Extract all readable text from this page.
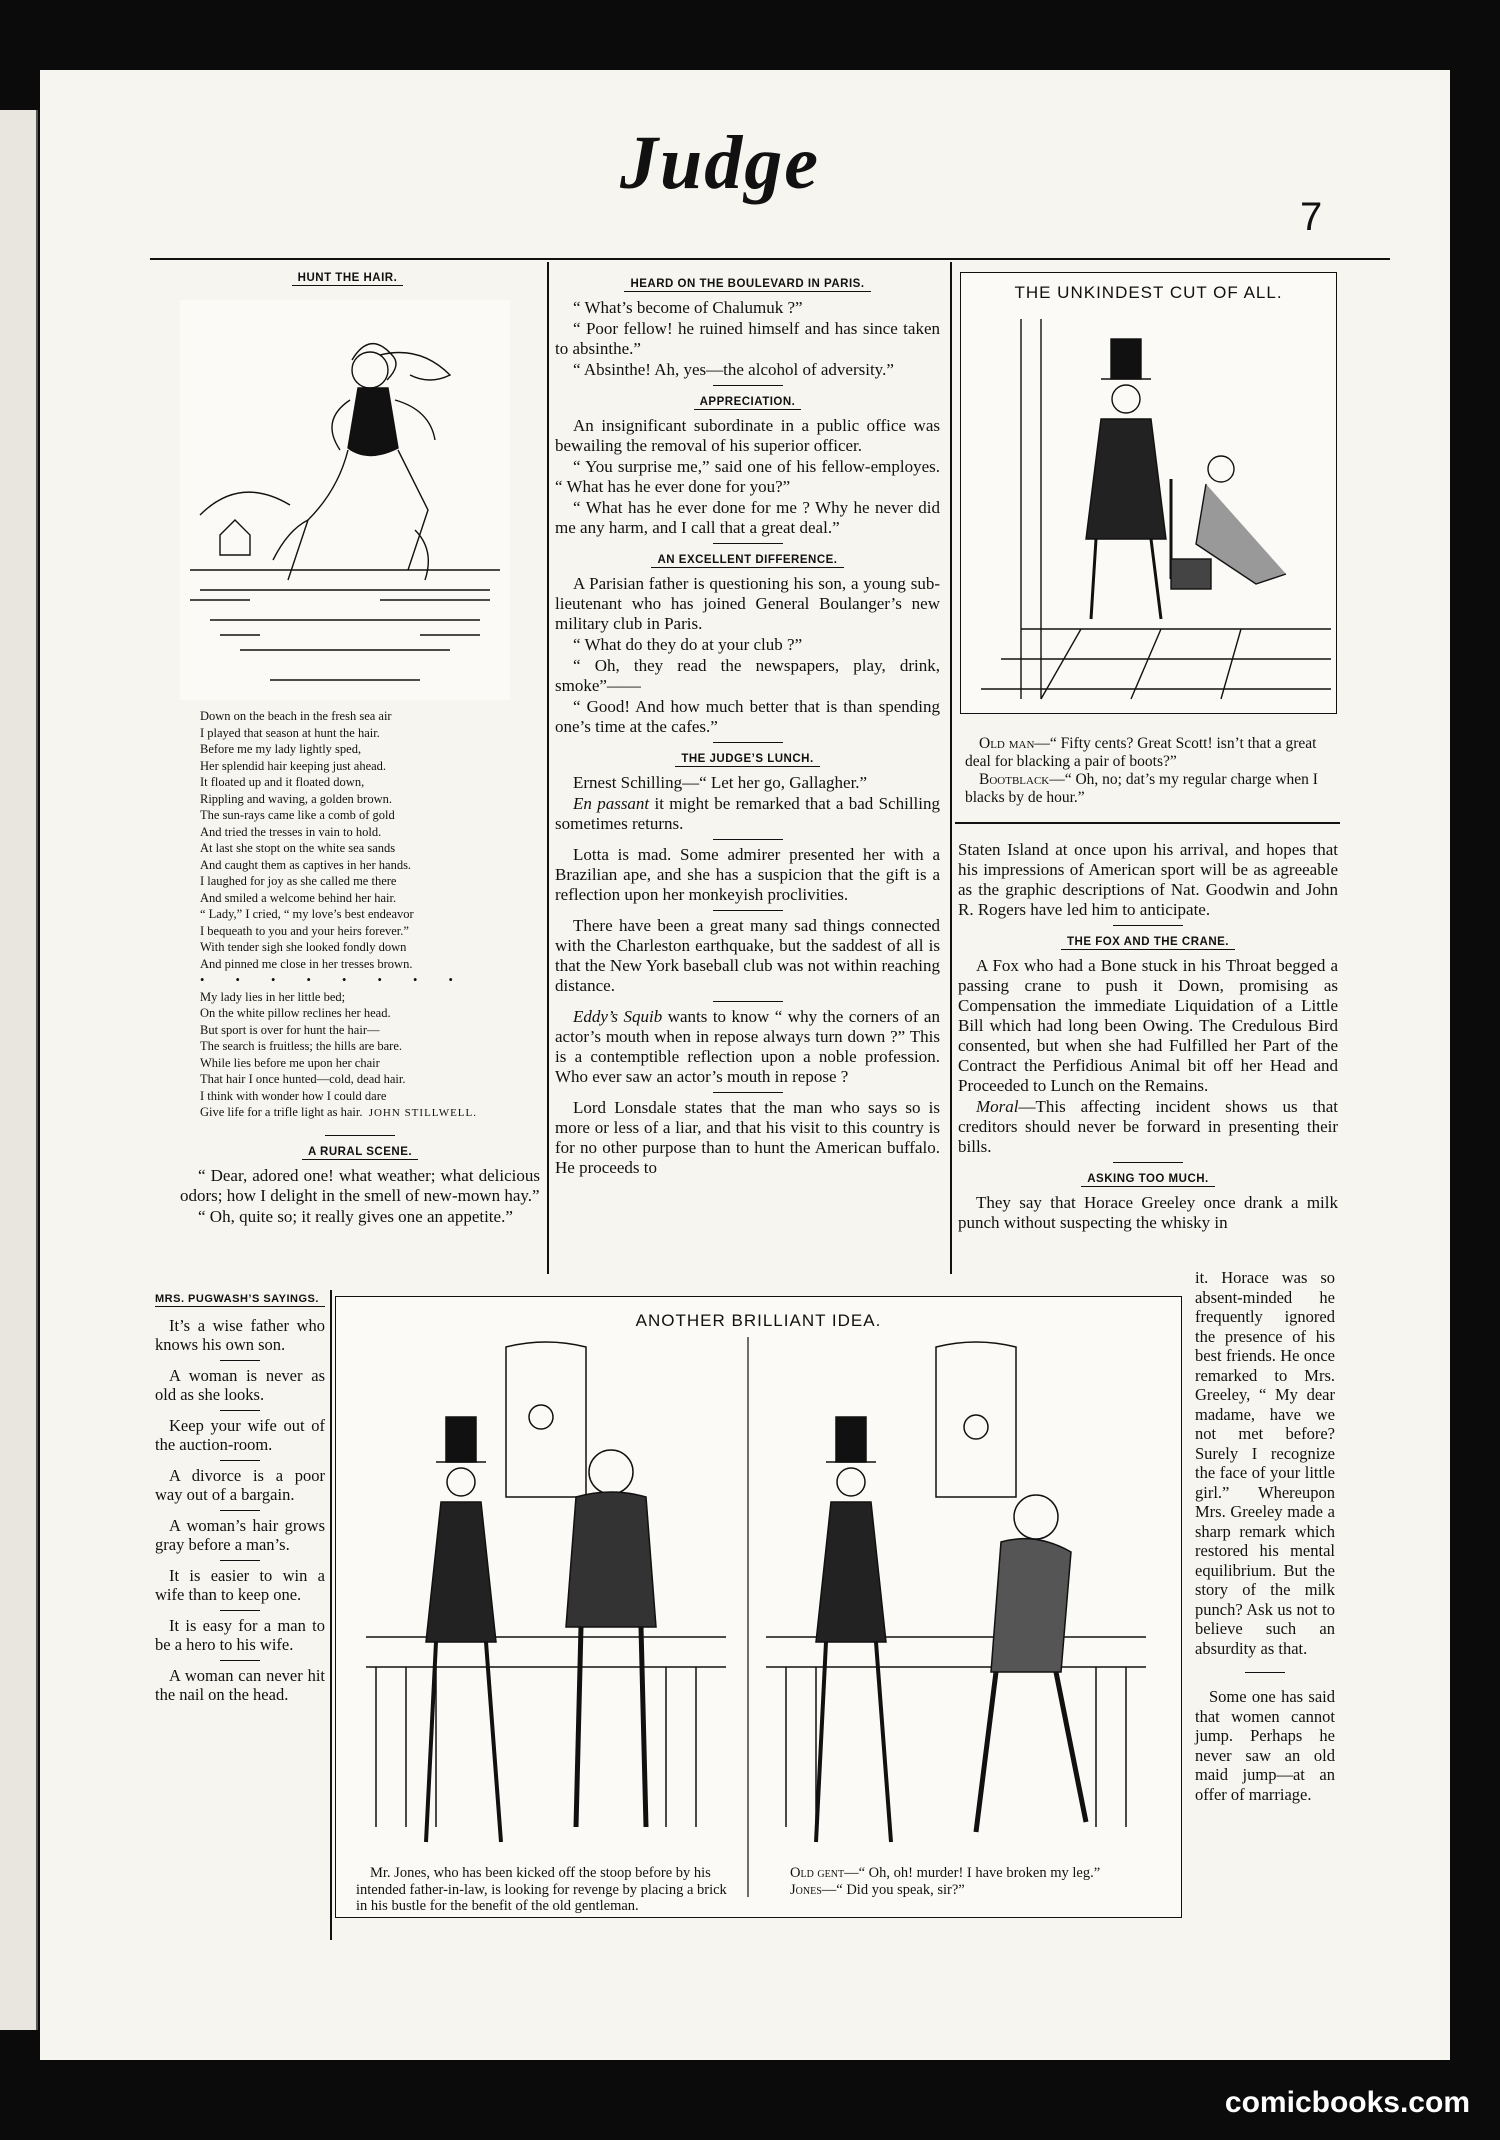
Judge
7
HUNT THE HAIR.
Down on the beach in the fresh sea air
I played that season at hunt the hair.
Before me my lady lightly sped,
Her splendid hair keeping just ahead.
It floated up and it floated down,
Rippling and waving, a golden brown.
The sun-rays came like a comb of gold
And tried the tresses in vain to hold.
At last she stopt on the white sea sands
And caught them as captives in her hands.
I laughed for joy as she called me there
And smiled a welcome behind her hair.
“ Lady,” I cried, “ my love’s best endeavor
I bequeath to you and your heirs forever.”
With tender sigh she looked fondly down
And pinned me close in her tresses brown.
• • • • • • • •
My lady lies in her little bed;
On the white pillow reclines her head.
But sport is over for hunt the hair—
The search is fruitless; the hills are bare.
While lies before me upon her chair
That hair I once hunted—cold, dead hair.
I think with wonder how I could dare
Give life for a trifle light as hair. JOHN STILLWELL.
A RURAL SCENE.

“ Dear, adored one! what weather; what delicious odors; how I delight in the smell of new-mown hay.”

“ Oh, quite so; it really gives one an appetite.”

HEARD ON THE BOULEVARD IN PARIS.

“ What’s become of Chalumuk ?”

“ Poor fellow! he ruined himself and has since taken to absinthe.”

“ Absinthe! Ah, yes—the alcohol of adversity.”

APPRECIATION.

An insignificant subordinate in a public office was bewailing the removal of his superior officer.

“ You surprise me,” said one of his fellow-employes. “ What has he ever done for you?”

“ What has he ever done for me ? Why he never did me any harm, and I call that a great deal.”

AN EXCELLENT DIFFERENCE.

A Parisian father is questioning his son, a young sub-lieutenant who has joined General Boulanger’s new military club in Paris.

“ What do they do at your club ?”

“ Oh, they read the newspapers, play, drink, smoke”——

“ Good! And how much better that is than spending one’s time at the cafes.”

THE JUDGE’S LUNCH.

Ernest Schilling—“ Let her go, Gallagher.”

En passant it might be remarked that a bad Schilling sometimes returns.

Lotta is mad. Some admirer presented her with a Brazilian ape, and she has a suspicion that the gift is a reflection upon her monkeyish proclivities.

There have been a great many sad things connected with the Charleston earthquake, but the saddest of all is that the New York baseball club was not within reaching distance.

Eddy’s Squib wants to know “ why the corners of an actor’s mouth when in repose always turn down ?” This is a contemptible reflection upon a noble profession. Who ever saw an actor’s mouth in repose ?

Lord Lonsdale states that the man who says so is more or less of a liar, and that his visit to this country is for no other purpose than to hunt the American buffalo. He proceeds to

THE UNKINDEST CUT OF ALL.

Old man—“ Fifty cents? Great Scott! isn’t that a great deal for blacking a pair of boots?”

Bootblack—“ Oh, no; dat’s my regular charge when I blacks by de hour.”

Staten Island at once upon his arrival, and hopes that his impressions of American sport will be as agreeable as the graphic descriptions of Nat. Goodwin and John R. Rogers have led him to anticipate.

THE FOX AND THE CRANE.

A Fox who had a Bone stuck in his Throat begged a passing crane to push it Down, promising as Compensation the immediate Liquidation of a Little Bill which had long been Owing. The Credulous Bird consented, but when she had Fulfilled her Part of the Contract the Perfidious Animal bit off her Head and Proceeded to Lunch on the Remains.

Moral—This affecting incident shows us that creditors should never be forward in presenting their bills.

ASKING TOO MUCH.

They say that Horace Greeley once drank a milk punch without suspecting the whisky in

it. Horace was so absent-minded he frequently ignored the presence of his best friends. He once remarked to Mrs. Greeley, “ My dear madame, have we not met before? Surely I recognize the face of your little girl.” Whereupon Mrs. Greeley made a sharp remark which restored his mental equilibrium. But the story of the milk punch? Ask us not to believe such an absurdity as that.

Some one has said that women cannot jump. Perhaps he never saw an old maid jump—at an offer of marriage.

MRS. PUGWASH’S SAYINGS.

It’s a wise father who knows his own son.

A woman is never as old as she looks.

Keep your wife out of the auction-room.

A divorce is a poor way out of a bargain.

A woman’s hair grows gray before a man’s.

It is easier to win a wife than to keep one.

It is easy for a man to be a hero to his wife.

A woman can never hit the nail on the head.

ANOTHER BRILLIANT IDEA.

Mr. Jones, who has been kicked off the stoop before by his intended father-in-law, is looking for revenge by placing a brick in his bustle for the benefit of the old gentleman.

Old gent—“ Oh, oh! murder! I have broken my leg.”

Jones—“ Did you speak, sir?”

comicbooks.com
